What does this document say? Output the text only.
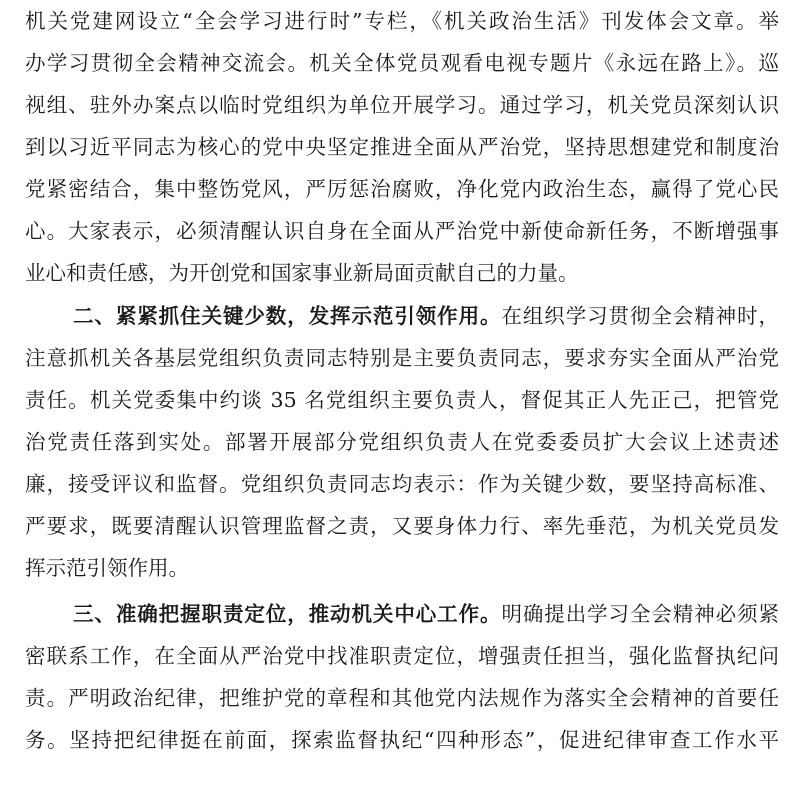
机关党建网设立“全会学习进行时”专栏，《机关政治生活》刊发体会文章。举
办学习贯彻全会精神交流会。机关全体党员观看电视专题片《永远在路上》。巡
视组、驻外办案点以临时党组织为单位开展学习。通过学习，机关党员深刻认识
到以习近平同志为核心的党中央坚定推进全面从严治党，坚持思想建党和制度治
党紧密结合，集中整饬党风，严厉惩治腐败，净化党内政治生态，赢得了党心民
心。大家表示，必须清醒认识自身在全面从严治党中新使命新任务，不断增强事
业心和责任感，为开创党和国家事业新局面贡献自己的力量。
二、紧紧抓住关键少数，发挥示范引领作用。在组织学习贯彻全会精神时，
注意抓机关各基层党组织负责同志特别是主要负责同志，要求夯实全面从严治党
责任。机关党委集中约谈 35 名党组织主要负责人，督促其正人先正己，把管党
治党责任落到实处。部署开展部分党组织负责人在党委委员扩大会议上述责述
廉，接受评议和监督。党组织负责同志均表示：作为关键少数，要坚持高标准、
严要求，既要清醒认识管理监督之责，又要身体力行、率先垂范，为机关党员发
挥示范引领作用。
三、准确把握职责定位，推动机关中心工作。明确提出学习全会精神必须紧
密联系工作，在全面从严治党中找准职责定位，增强责任担当，强化监督执纪问
责。严明政治纪律，把维护党的章程和其他党内法规作为落实全会精神的首要任
务。坚持把纪律挺在前面，探索监督执纪“四种形态”，促进纪律审查工作水平
